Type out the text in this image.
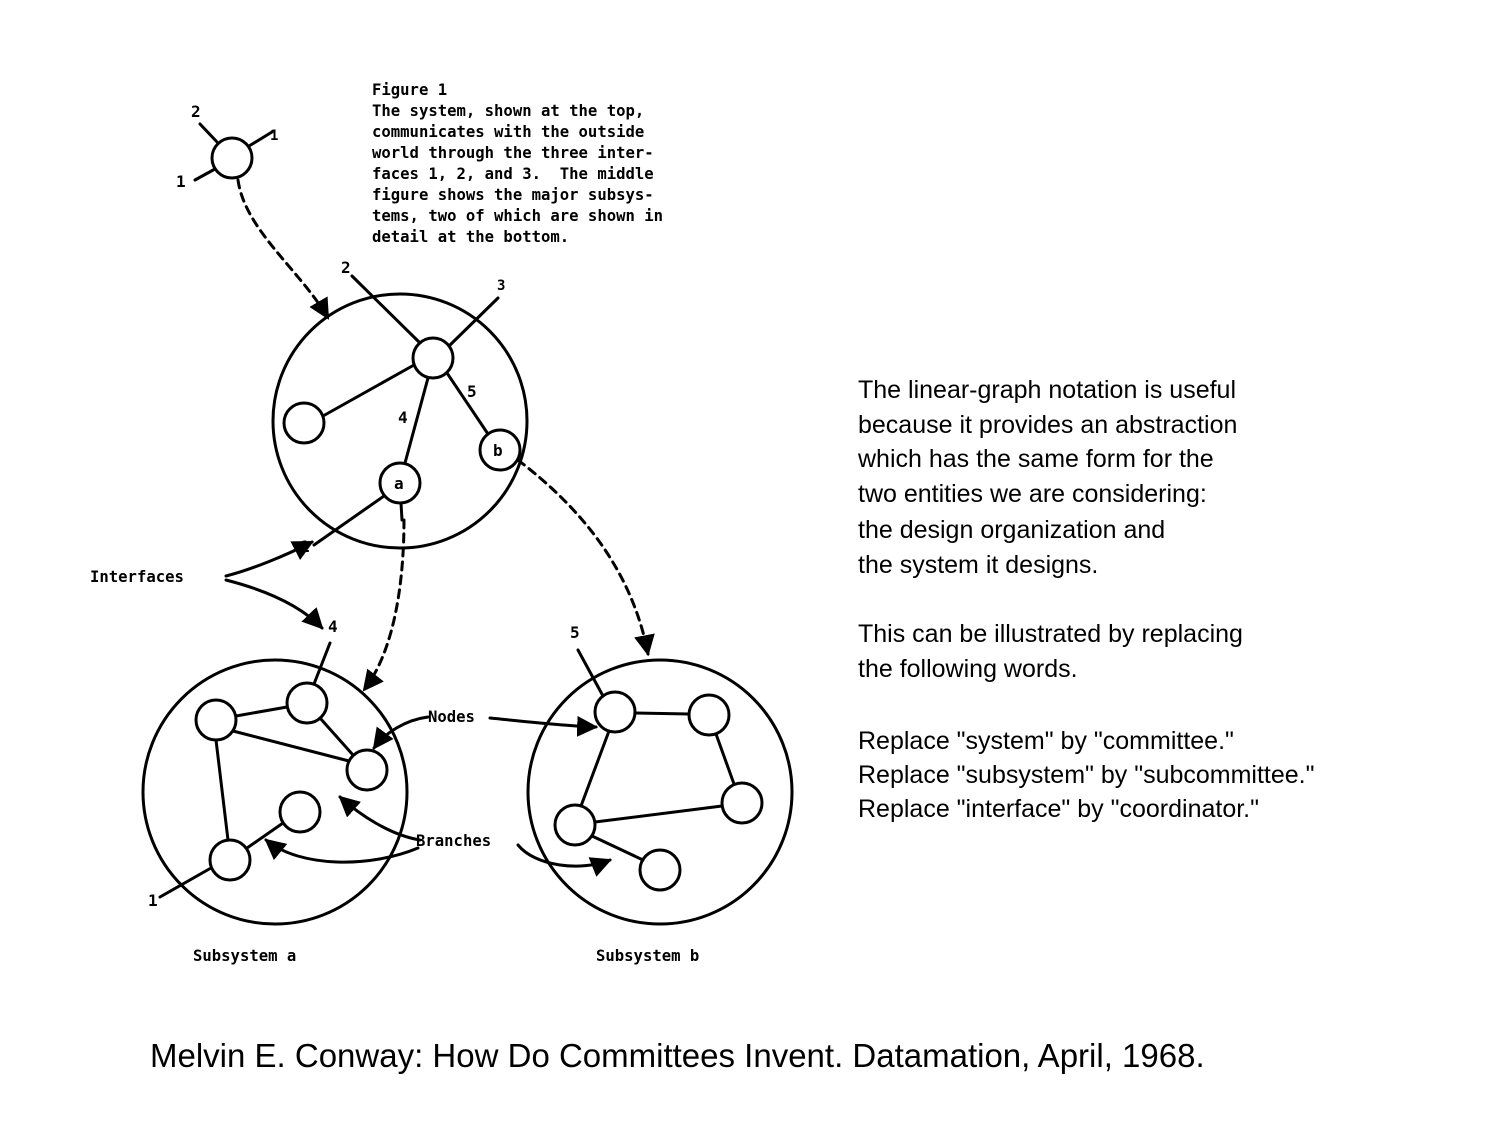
2
1
1
2
3
5
4
1
a
b
4
1
5
Interfaces
Nodes
Branches
Subsystem a	Subsystem b

Figure 1

The system, shown at the top,

communicates with the outside

world through the three inter-

faces 1, 2, and 3.  The middle

figure shows the major subsys-

tems, two of which are shown in

detail at the bottom.

The linear-graph notation is useful

because it provides an abstraction

which has the same form for the

two entities we are considering:

the design organization and

the system it designs.

This can be illustrated by replacing

the following words.

Replace "system" by "committee."

Replace "subsystem" by "subcommittee."

Replace "interface" by "coordinator."

Melvin E. Conway: How Do Committees Invent. Datamation, April, 1968.
